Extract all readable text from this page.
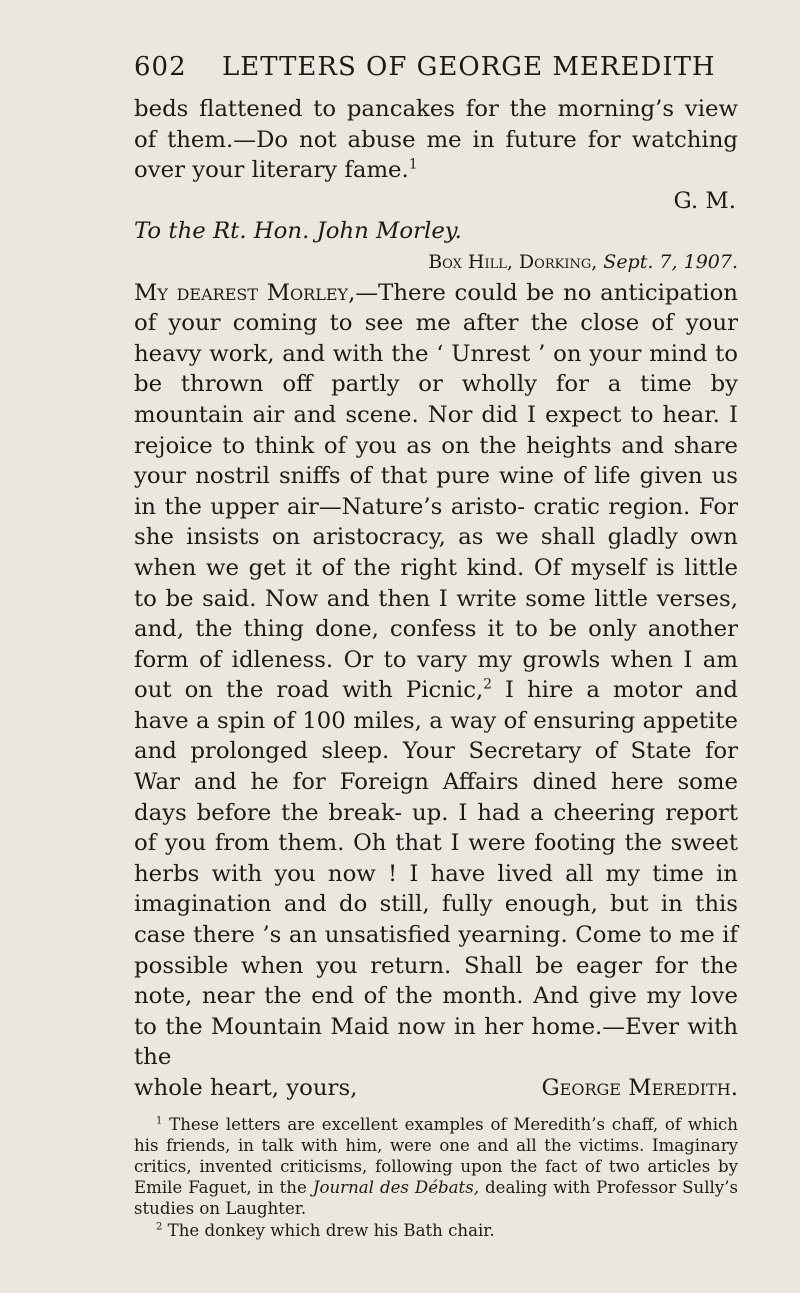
602	LETTERS OF GEORGE MEREDITH

beds flattened to pancakes for the morning’s view of them.—Do not abuse me in future for watching over your literary fame.$^1$

G. M.

To the Rt. Hon. John Morley.

Box Hill, Dorking, Sept. 7, 1907.

My dearest Morley,—There could be no anticipation of your coming to see me after the close of your heavy work, and with the ‘ Unrest ’ on your mind to be thrown off partly or wholly for a time by mountain air and scene. Nor did I expect to hear. I rejoice to think of you as on the heights and share your nostril sniffs of that pure wine of life given us in the upper air—Nature’s aristo- cratic region. For she insists on aristocracy, as we shall gladly own when we get it of the right kind. Of myself is little to be said. Now and then I write some little verses, and, the thing done, confess it to be only another form of idleness. Or to vary my growls when I am out on the road with Picnic,$^2$ I hire a motor and have a spin of 100 miles, a way of ensuring appetite and prolonged sleep. Your Secretary of State for War and he for Foreign Affairs dined here some days before the break- up. I had a cheering report of you from them. Oh that I were footing the sweet herbs with you now ! I have lived all my time in imagination and do still, fully enough, but in this case there ’s an unsatisfied yearning. Come to me if possible when you return. Shall be eager for the note, near the end of the month. And give my love to the Mountain Maid now in her home.—Ever with the

whole heart, yours,	George Meredith.

$^1$ These letters are excellent examples of Meredith’s chaff, of which his friends, in talk with him, were one and all the victims. Imaginary critics, invented criticisms, following upon the fact of two articles by Emile Faguet, in the Journal des Débats, dealing with Professor Sully’s studies on Laughter.

$^2$ The donkey which drew his Bath chair.
